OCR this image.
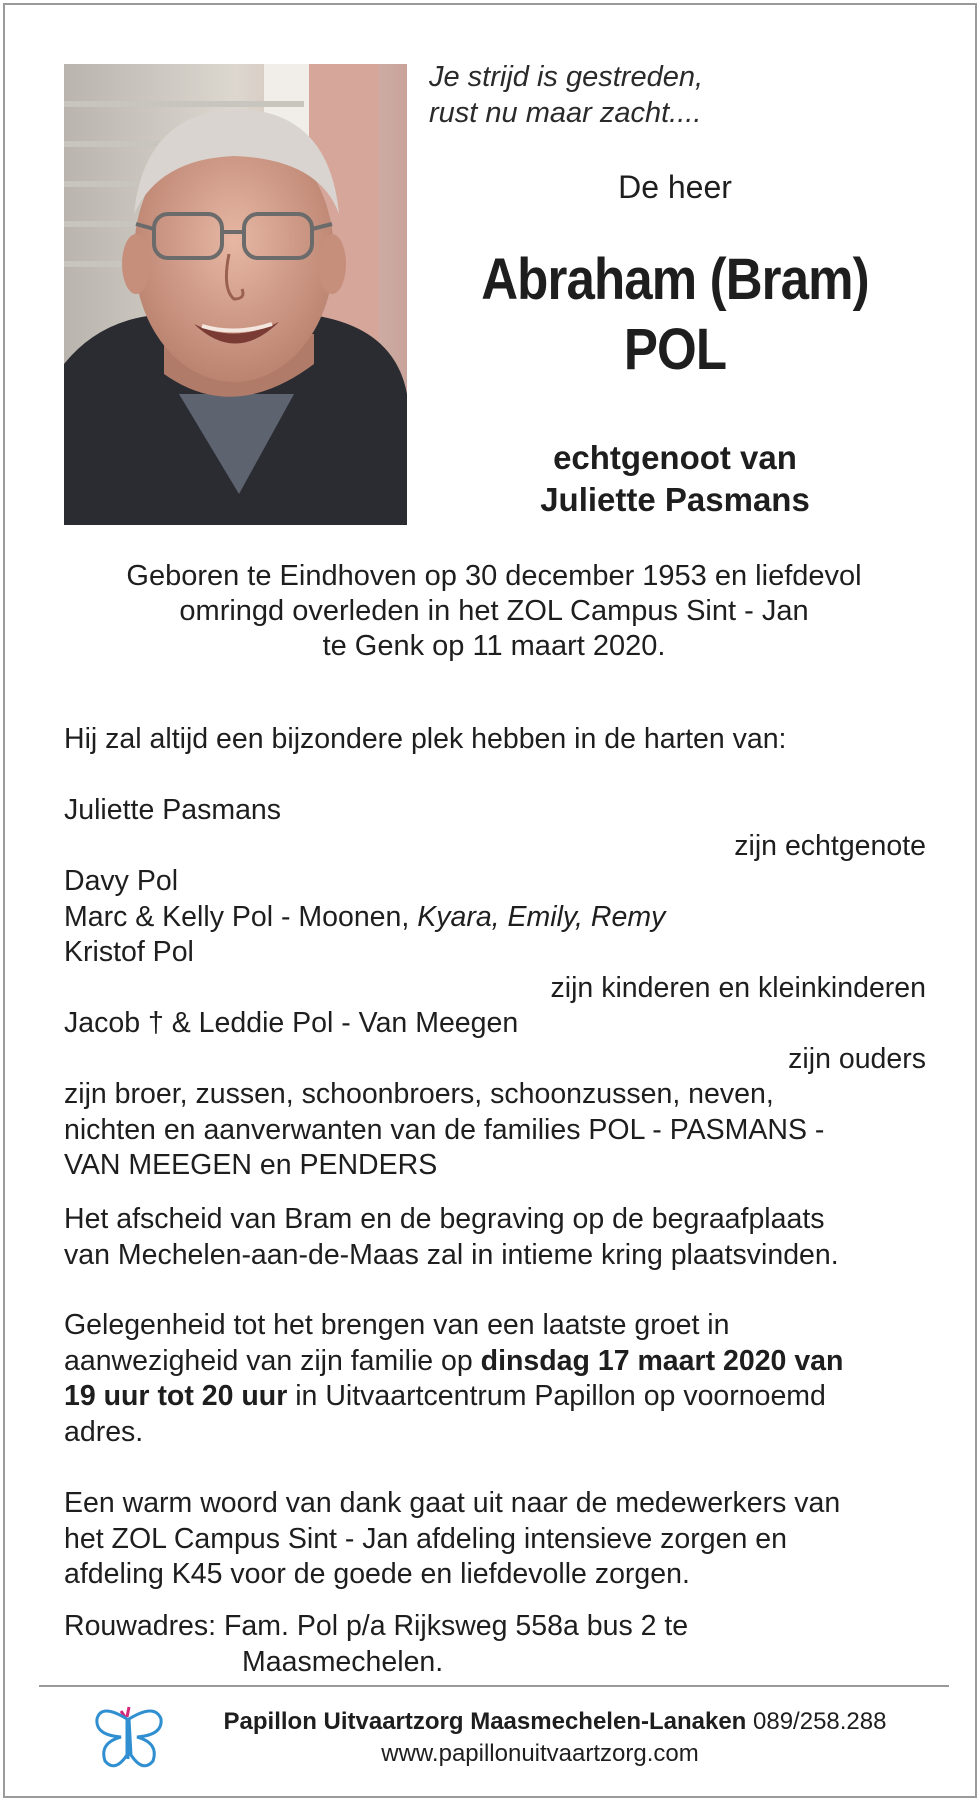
Je strijd is gestreden,
rust nu maar zacht....
De heer
Abraham (Bram)
POL
echtgenoot van
Juliette Pasmans
Geboren te Eindhoven op 30 december 1953 en liefdevol
omringd overleden in het ZOL Campus Sint - Jan
te Genk op 11 maart 2020.
Hij zal altijd een bijzondere plek hebben in de harten van:
Juliette Pasmans
zijn echtgenote
Davy Pol
Marc & Kelly Pol - Moonen, Kyara, Emily, Remy
Kristof Pol
zijn kinderen en kleinkinderen
Jacob † & Leddie Pol - Van Meegen
zijn ouders
zijn broer, zussen, schoonbroers, schoonzussen, neven,
nichten en aanverwanten van de families POL - PASMANS -
VAN MEEGEN en PENDERS
Het afscheid van Bram en de begraving op de begraafplaats
van Mechelen-aan-de-Maas zal in intieme kring plaatsvinden.
Gelegenheid tot het brengen van een laatste groet in
aanwezigheid van zijn familie op dinsdag 17 maart 2020 van
19 uur tot 20 uur in Uitvaartcentrum Papillon op voornoemd
adres.
Een warm woord van dank gaat uit naar de medewerkers van
het ZOL Campus Sint - Jan afdeling intensieve zorgen en
afdeling K45 voor de goede en liefdevolle zorgen.
Rouwadres: Fam. Pol p/a Rijksweg 558a bus 2 te
Maasmechelen.
Papillon Uitvaartzorg Maasmechelen-Lanaken 089/258.288
www.papillonuitvaartzorg.com
